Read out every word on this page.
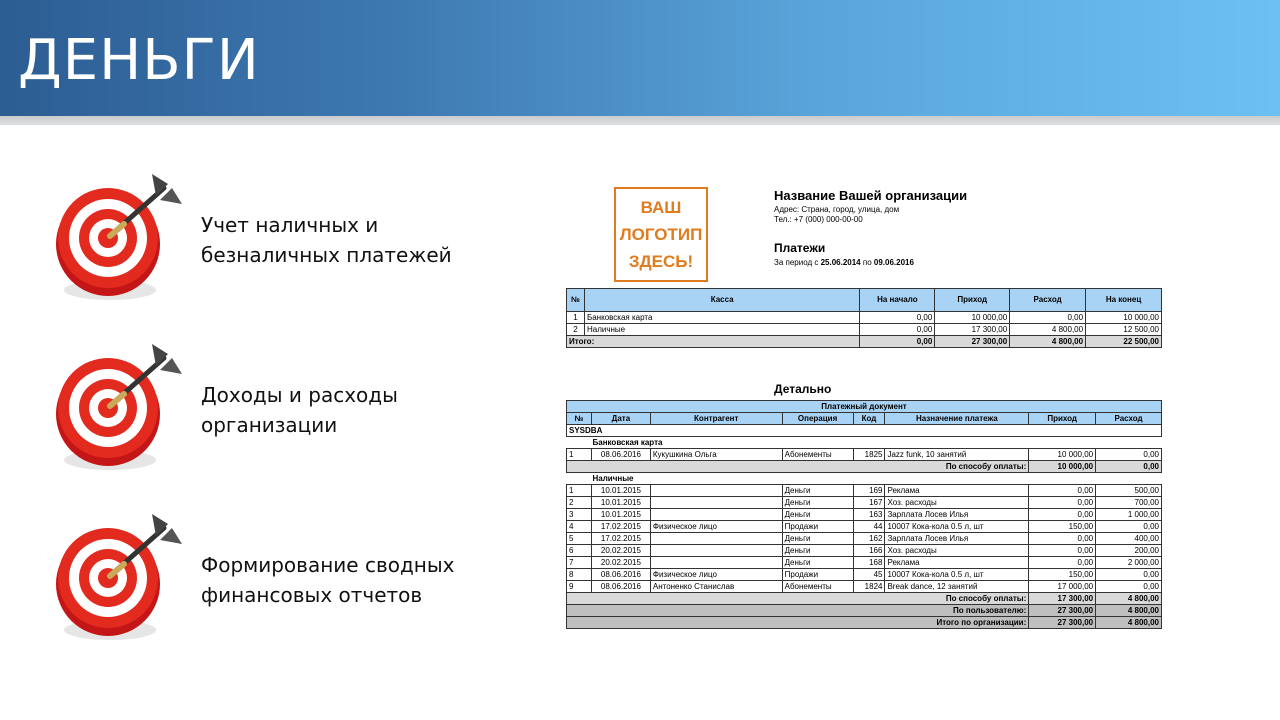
ДЕНЬГИ
Учет наличных и
безналичных платежей
Доходы и расходы
организации
Формирование сводных
финансовых отчетов
ВАШ
ЛОГОТИП
ЗДЕСЬ!
Название Вашей организации
Адрес: Страна, город, улица, дом
Тел.: +7 (000) 000-00-00
Платежи
За период с 25.06.2014 по 09.06.2016
№	Касса	На начало	Приход	Расход	На конец
1	Банковская карта	0,00	10 000,00	0,00	10 000,00
2	Наличные	0,00	17 300,00	4 800,00	12 500,00
Итого:		0,00	27 300,00	4 800,00	22 500,00
Детально
Платежный документ							
№	Дата	Контрагент	Операция	Код	Назначение платежа	Приход	Расход
SYSDBA							
Банковская карта							
1	08.06.2016	Кукушкина Ольга	Абонементы	1825	Jazz funk, 10 занятий	10 000,00	0,00
По способу оплаты:						10 000,00	0,00
Наличные							
1	10.01.2015		Деньги	169	Реклама	0,00	500,00
2	10.01.2015		Деньги	167	Хоз. расходы	0,00	700,00
3	10.01.2015		Деньги	163	Зарплата Лосев Илья	0,00	1 000,00
4	17.02.2015	Физическое лицо	Продажи	44	10007 Кока-кола 0.5 л, шт	150,00	0,00
5	17.02.2015		Деньги	162	Зарплата Лосев Илья	0,00	400,00
6	20.02.2015		Деньги	166	Хоз. расходы	0,00	200,00
7	20.02.2015		Деньги	168	Реклама	0,00	2 000,00
8	08.06.2016	Физическое лицо	Продажи	45	10007 Кока-кола 0.5 л, шт	150,00	0,00
9	08.06.2016	Антоненко Станислав	Абонементы	1824	Break dance, 12 занятий	17 000,00	0,00
По способу оплаты:						17 300,00	4 800,00
По пользователю:						27 300,00	4 800,00
Итого по организации:						27 300,00	4 800,00
